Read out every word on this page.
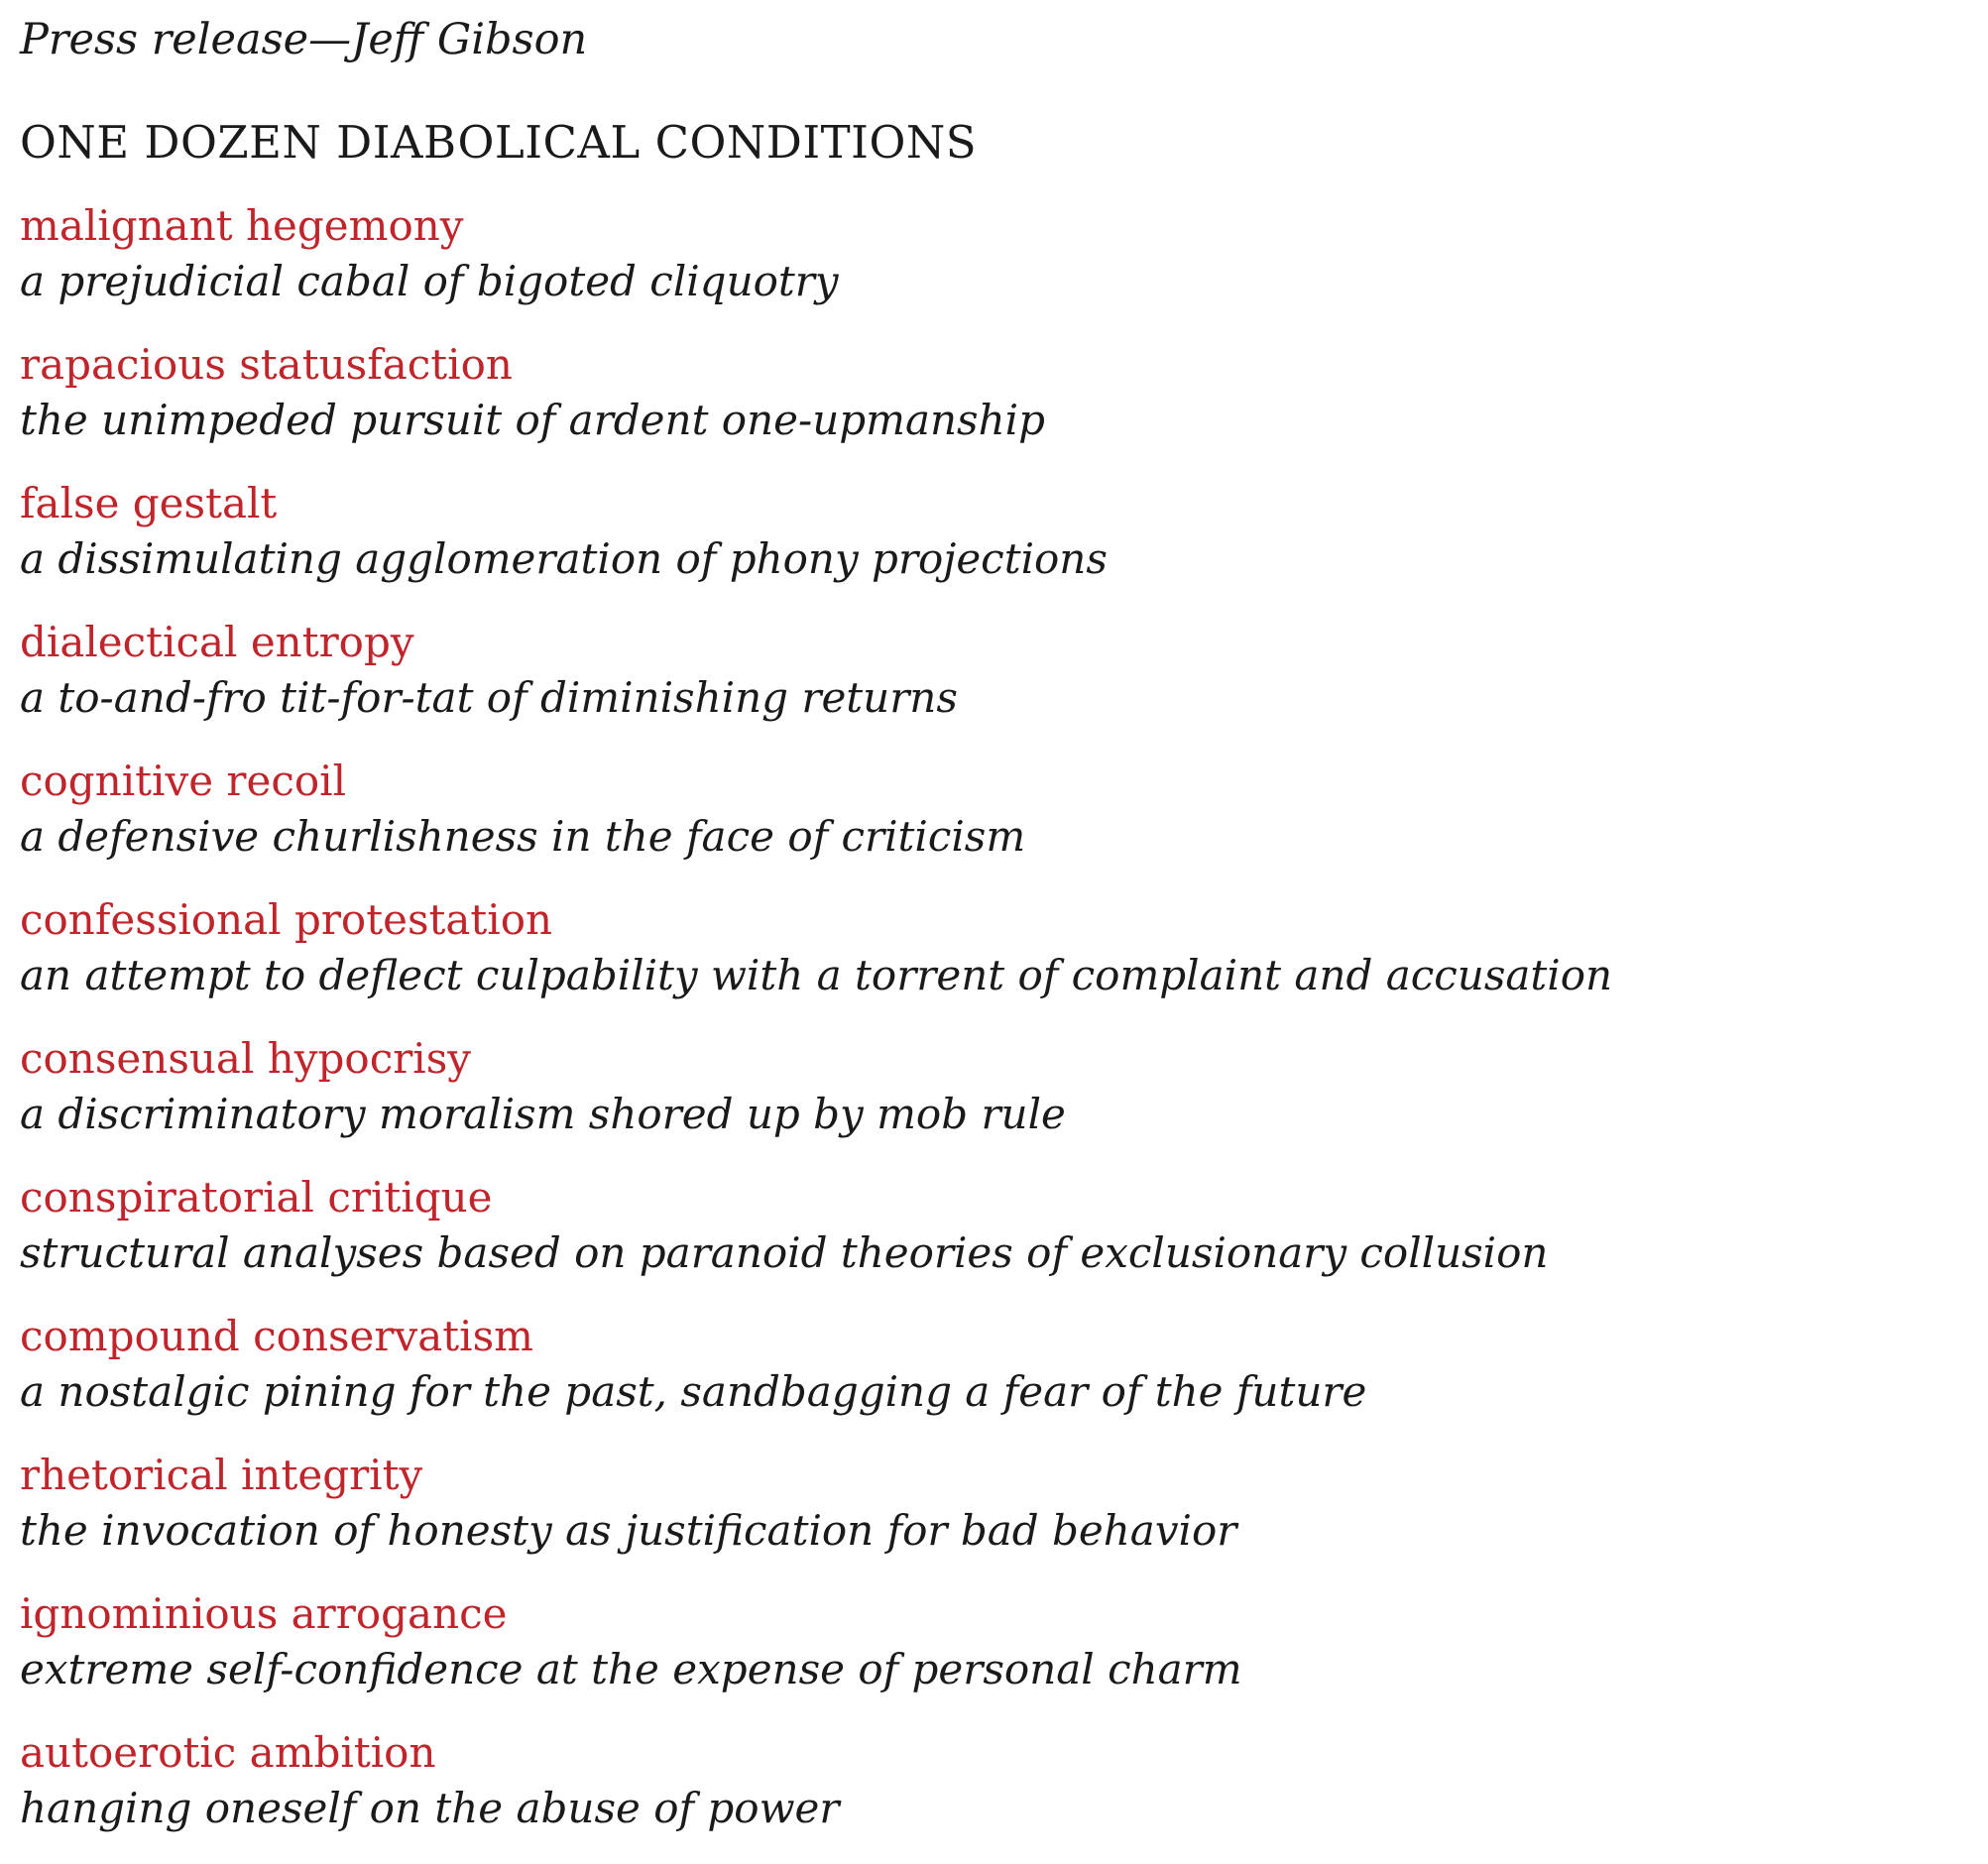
Press release—Jeff Gibson
ONE DOZEN DIABOLICAL CONDITIONS
malignant hegemony
a prejudicial cabal of bigoted cliquotry
rapacious statusfaction
the unimpeded pursuit of ardent one-upmanship
false gestalt
a dissimulating agglomeration of phony projections
dialectical entropy
a to-and-fro tit-for-tat of diminishing returns
cognitive recoil
a defensive churlishness in the face of criticism
confessional protestation
an attempt to deflect culpability with a torrent of complaint and accusation
consensual hypocrisy
a discriminatory moralism shored up by mob rule
conspiratorial critique
structural analyses based on paranoid theories of exclusionary collusion
compound conservatism
a nostalgic pining for the past, sandbagging a fear of the future
rhetorical integrity
the invocation of honesty as justification for bad behavior
ignominious arrogance
extreme self-confidence at the expense of personal charm
autoerotic ambition
hanging oneself on the abuse of power
